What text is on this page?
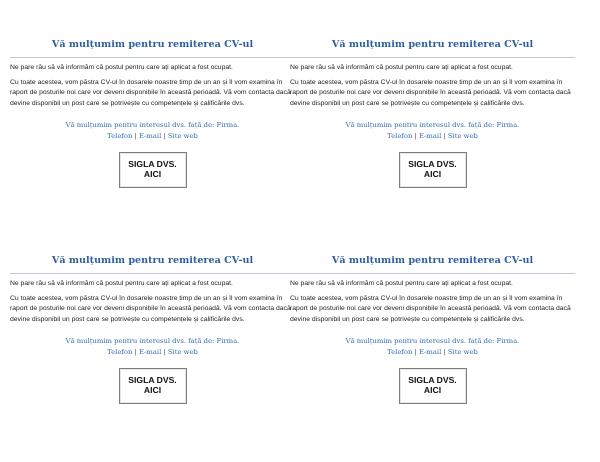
Vă mulțumim pentru remiterea CV-ul

Ne pare rău să vă informăm că postul pentru care ați aplicat a fost ocupat.

Cu toate acestea, vom păstra CV-ul în dosarele noastre timp de un an și îl vom examina în raport de posturile noi care vor deveni disponibile în această perioadă. Vă vom contacta dacă devine disponibil un post care se potrivește cu competențele și calificările dvs.

Vă mulțumim pentru interesul dvs. față de: Firma.
Telefon | E-mail | Site web
SIGLA DVS.
AICI
Vă mulțumim pentru remiterea CV-ul

Ne pare rău să vă informăm că postul pentru care ați aplicat a fost ocupat.

Cu toate acestea, vom păstra CV-ul în dosarele noastre timp de un an și îl vom examina în raport de posturile noi care vor deveni disponibile în această perioadă. Vă vom contacta dacă devine disponibil un post care se potrivește cu competențele și calificările dvs.

Vă mulțumim pentru interesul dvs. față de: Firma.
Telefon | E-mail | Site web
SIGLA DVS.
AICI
Vă mulțumim pentru remiterea CV-ul

Ne pare rău să vă informăm că postul pentru care ați aplicat a fost ocupat.

Cu toate acestea, vom păstra CV-ul în dosarele noastre timp de un an și îl vom examina în raport de posturile noi care vor deveni disponibile în această perioadă. Vă vom contacta dacă devine disponibil un post care se potrivește cu competențele și calificările dvs.

Vă mulțumim pentru interesul dvs. față de: Firma.
Telefon | E-mail | Site web
SIGLA DVS.
AICI
Vă mulțumim pentru remiterea CV-ul

Ne pare rău să vă informăm că postul pentru care ați aplicat a fost ocupat.

Cu toate acestea, vom păstra CV-ul în dosarele noastre timp de un an și îl vom examina în raport de posturile noi care vor deveni disponibile în această perioadă. Vă vom contacta dacă devine disponibil un post care se potrivește cu competențele și calificările dvs.

Vă mulțumim pentru interesul dvs. față de: Firma.
Telefon | E-mail | Site web
SIGLA DVS.
AICI
